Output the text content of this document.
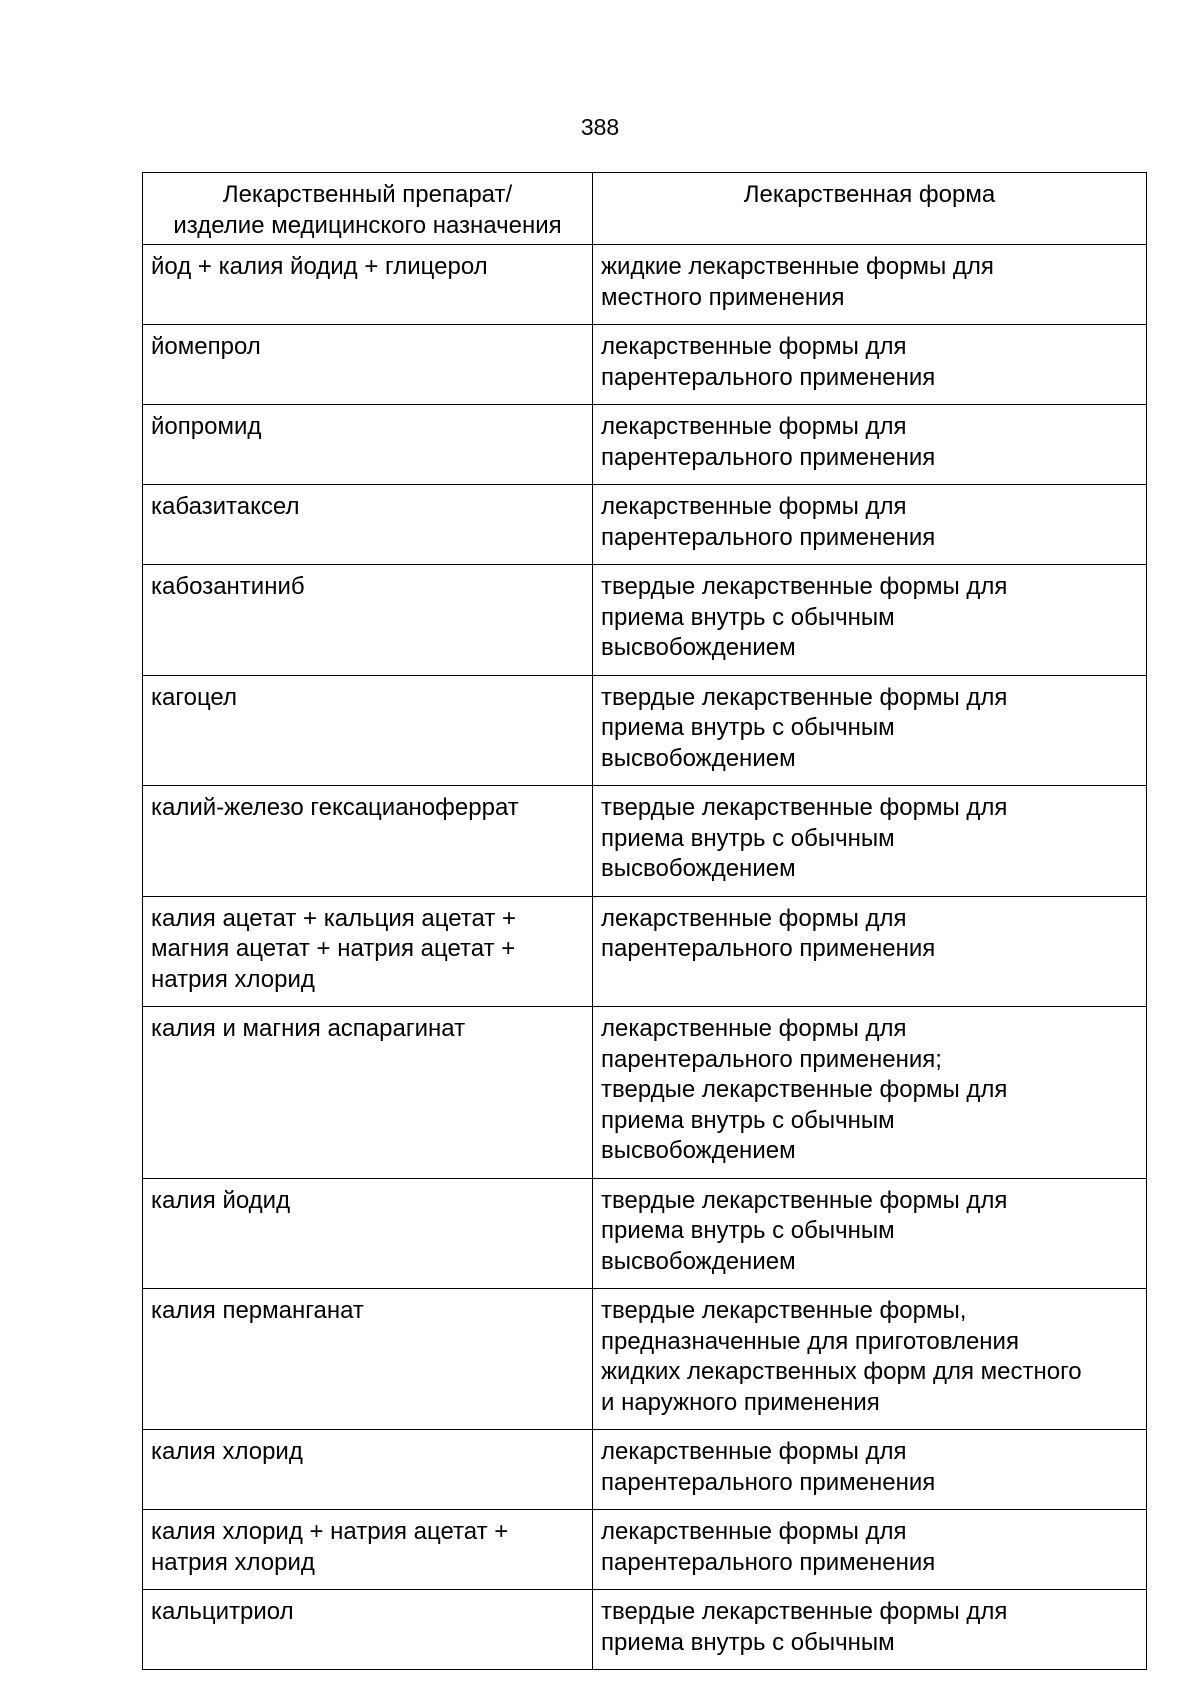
388
Лекарственный препарат/
изделие медицинского назначения	Лекарственная форма
йод + калия йодид + глицерол	жидкие лекарственные формы для
местного применения
йомепрол	лекарственные формы для
парентерального применения
йопромид	лекарственные формы для
парентерального применения
кабазитаксел	лекарственные формы для
парентерального применения
кабозантиниб	твердые лекарственные формы для
приема внутрь с обычным
высвобождением
кагоцел	твердые лекарственные формы для
приема внутрь с обычным
высвобождением
калий-железо гексацианоферрат	твердые лекарственные формы для
приема внутрь с обычным
высвобождением
калия ацетат + кальция ацетат +
магния ацетат + натрия ацетат +
натрия хлорид	лекарственные формы для
парентерального применения
калия и магния аспарагинат	лекарственные формы для
парентерального применения;
твердые лекарственные формы для
приема внутрь с обычным
высвобождением
калия йодид	твердые лекарственные формы для
приема внутрь с обычным
высвобождением
калия перманганат	твердые лекарственные формы,
предназначенные для приготовления
жидких лекарственных форм для местного
и наружного применения
калия хлорид	лекарственные формы для
парентерального применения
калия хлорид + натрия ацетат +
натрия хлорид	лекарственные формы для
парентерального применения
кальцитриол	твердые лекарственные формы для
приема внутрь с обычным
